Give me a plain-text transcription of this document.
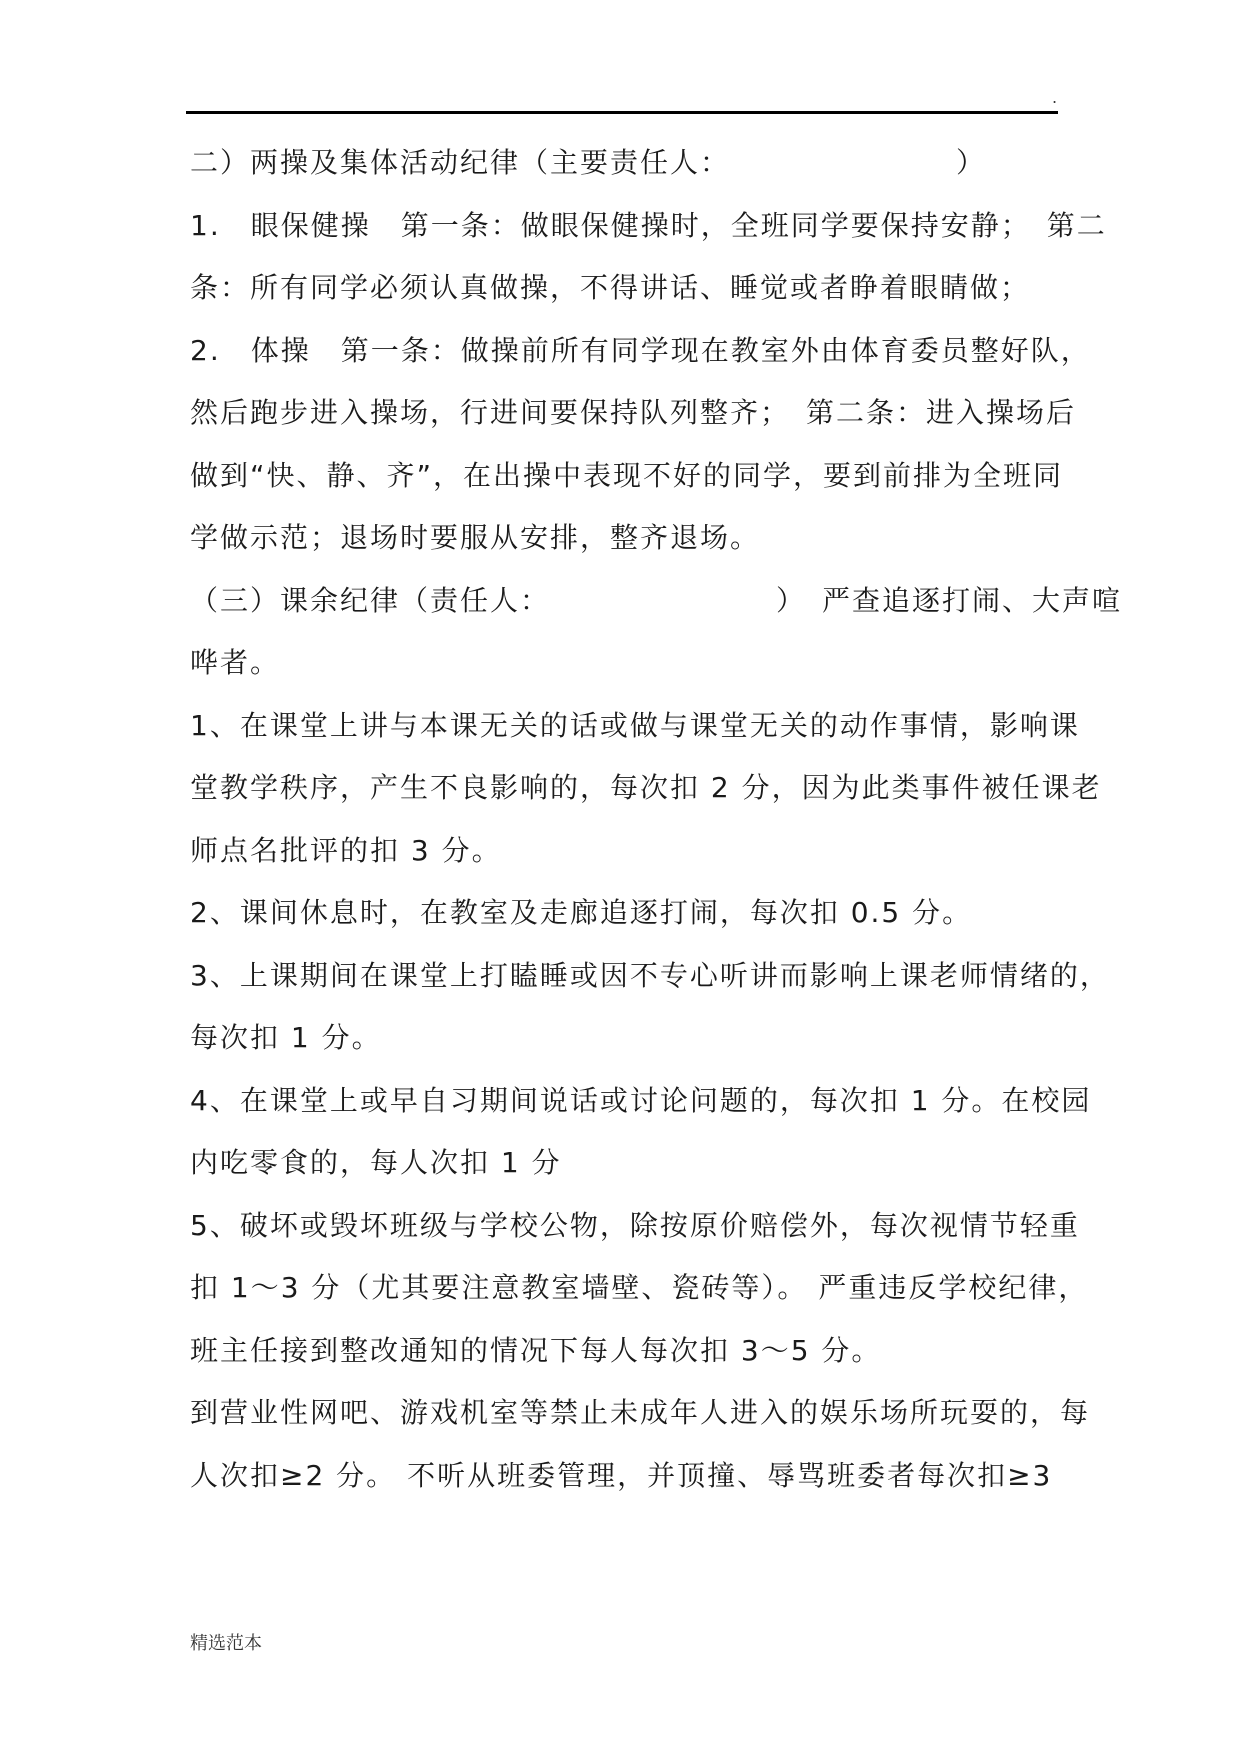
.
二）两操及集体活动纪律（主要责任人：　　　　　　　　）
1.　眼保健操　第一条：做眼保健操时，全班同学要保持安静；　第二
条：所有同学必须认真做操，不得讲话、睡觉或者睁着眼睛做；
2.　体操　第一条：做操前所有同学现在教室外由体育委员整好队，
然后跑步进入操场，行进间要保持队列整齐；　第二条：进入操场后
做到“快、静、齐”，在出操中表现不好的同学，要到前排为全班同
学做示范；退场时要服从安排，整齐退场。
（三）课余纪律（责任人：　　　　　　　　）　严查追逐打闹、大声喧
哗者。
1、在课堂上讲与本课无关的话或做与课堂无关的动作事情，影响课
堂教学秩序，产生不良影响的，每次扣 2 分，因为此类事件被任课老
师点名批评的扣 3 分。
2、课间休息时，在教室及走廊追逐打闹，每次扣 0.5 分。
3、上课期间在课堂上打瞌睡或因不专心听讲而影响上课老师情绪的，
每次扣 1 分。
4、在课堂上或早自习期间说话或讨论问题的，每次扣 1 分。在校园
内吃零食的，每人次扣 1 分
5、破坏或毁坏班级与学校公物，除按原价赔偿外，每次视情节轻重
扣 1～3 分（尤其要注意教室墙壁、瓷砖等）。 严重违反学校纪律，
班主任接到整改通知的情况下每人每次扣 3～5 分。
到营业性网吧、游戏机室等禁止未成年人进入的娱乐场所玩耍的，每
人次扣≥2 分。 不听从班委管理，并顶撞、辱骂班委者每次扣≥3
精选范本
